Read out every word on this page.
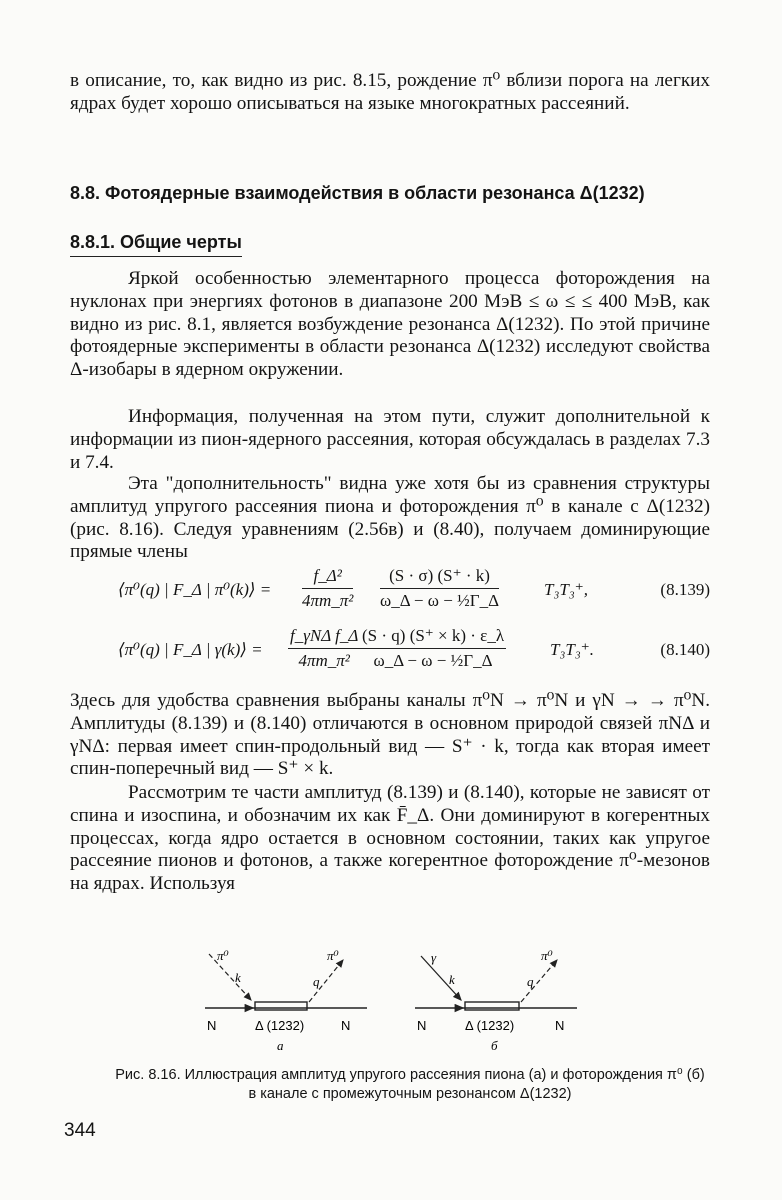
в описание, то, как видно из рис. 8.15, рождение π⁰ вблизи порога на легких ядрах будет хорошо описываться на языке многократных рассеяний.

8.8. Фотоядерные взаимодействия в области резонанса Δ(1232)
8.8.1. Общие черты

Яркой особенностью элементарного процесса фоторождения на нуклонах при энергиях фотонов в диапазоне 200 МэВ ≤ ω ≤ ≤ 400 МэВ, как видно из рис. 8.1, является возбуждение резонанса Δ(1232). По этой причине фотоядерные эксперименты в области резонанса Δ(1232) исследуют свойства Δ-изобары в ядерном окружении.

Информация, полученная на этом пути, служит дополнительной к информации из пион-ядерного рассеяния, которая обсуждалась в разделах 7.3 и 7.4.

Эта "дополнительность" видна уже хотя бы из сравнения структуры амплитуд упругого рассеяния пиона и фоторождения π⁰ в канале с Δ(1232) (рис. 8.16). Следуя уравнениям (2.56в) и (8.40), получаем доминирующие прямые члены

⟨π⁰(q) | F_Δ | π⁰(k)⟩ = $\frac{\text{f\_Δ²}}{\text{4πm\_π²}} \frac{(S \cdot \sigma) (S^+ \cdot k)}{\text{ω\_Δ − ω − ½Γ\_Δ}}$	T₃T₃⁺,	(8.139)
⟨π⁰(q) | F_Δ | γ(k)⟩ =
f_γNΔ f_Δ
4πm_π² $\frac{(S \cdot q) (S^+ \times k) \cdot \varepsilon\_\lambda}{\text{ω\_Δ − ω − ½Γ\_Δ}}$	T₃T₃⁺.	(8.140)

Здесь для удобства сравнения выбраны каналы π⁰N → π⁰N и γN → → π⁰N. Амплитуды (8.139) и (8.140) отличаются в основном природой связей πNΔ и γNΔ: первая имеет спин-продольный вид — S⁺ · k, тогда как вторая имеет спин-поперечный вид — S⁺ × k.

Рассмотрим те части амплитуд (8.139) и (8.140), которые не зависят от спина и изоспина, и обозначим их как F̄_Δ. Они доминируют в когерентных процессах, когда ядро остается в основном состоянии, таких как упругое рассеяние пионов и фотонов, а также когерентное фоторождение π⁰-мезонов на ядрах. Используя

π⁰	π⁰
k	q
N	Δ (1232)	N
а
γ	π⁰
k	q
N	Δ (1232)	N
б

Рис. 8.16. Иллюстрация амплитуд упругого рассеяния пиона (а) и фоторождения π⁰ (б) в канале с промежуточным резонансом Δ(1232)

344
